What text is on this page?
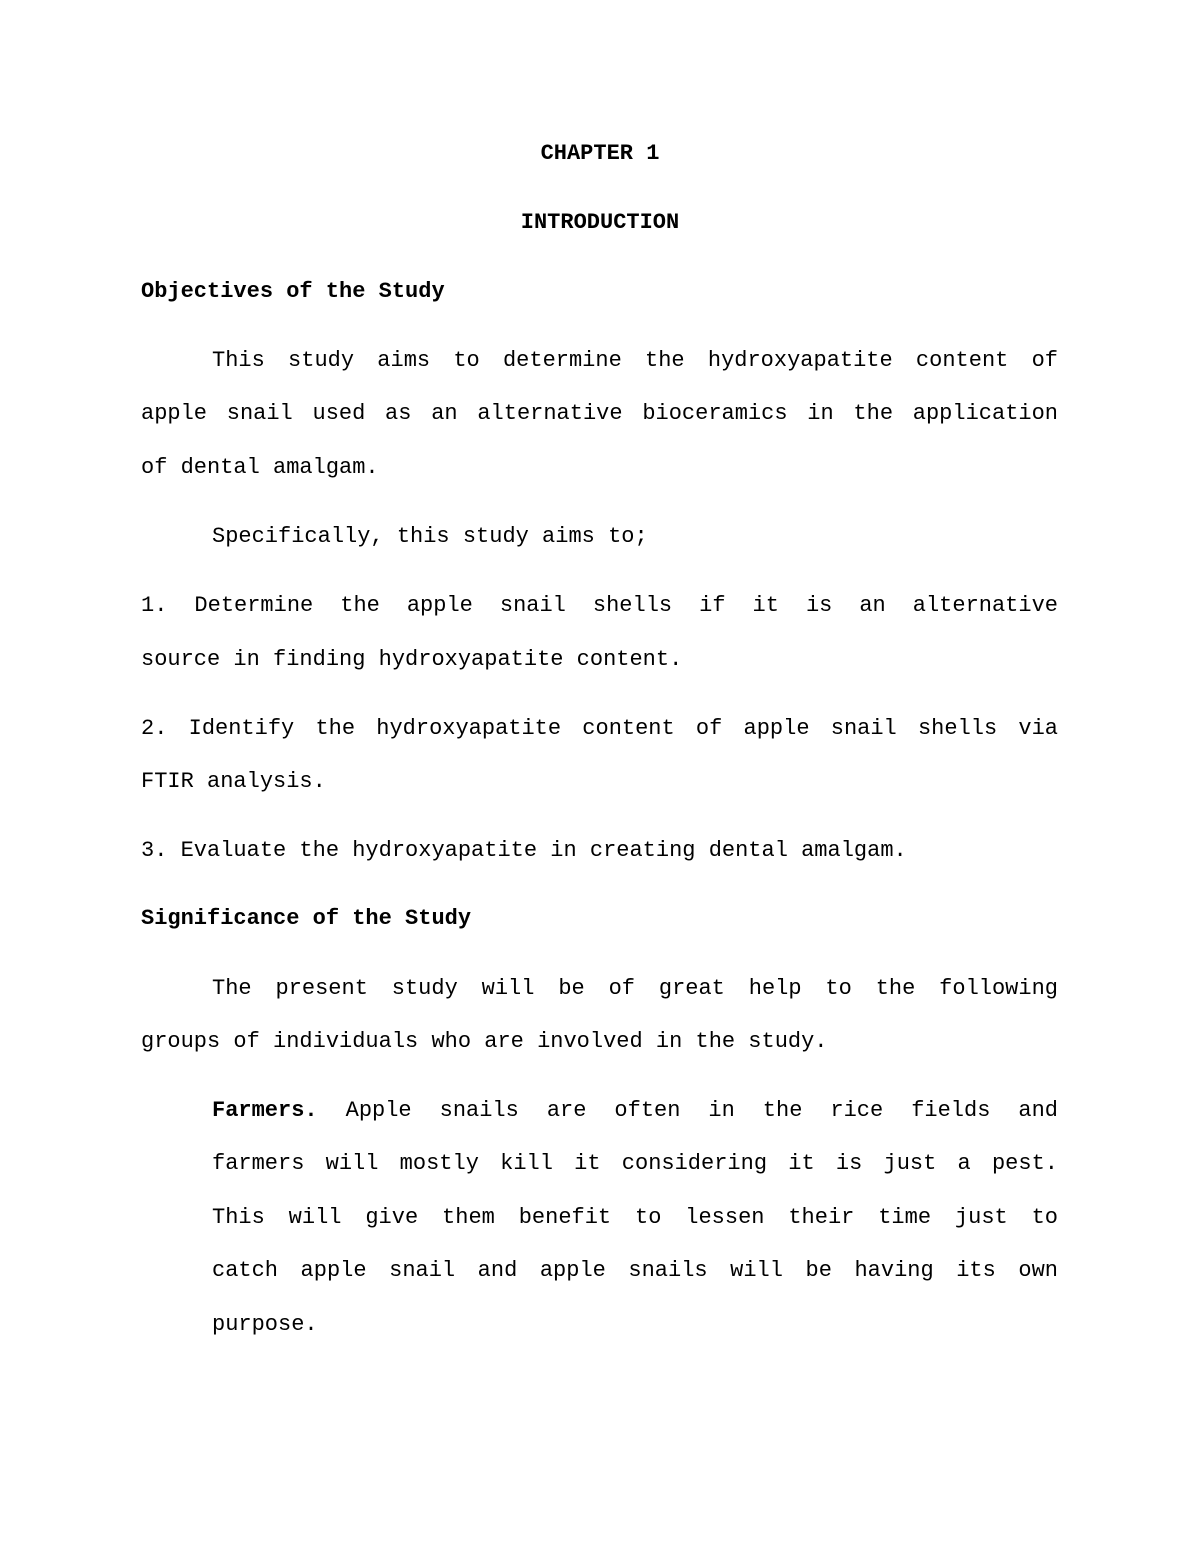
CHAPTER 1

INTRODUCTION

Objectives of the Study

This study aims to determine the hydroxyapatite content of

apple snail used as an alternative bioceramics in the application

of dental amalgam.

Specifically, this study aims to;

1. Determine the apple snail shells if it is an alternative

source in finding hydroxyapatite content.

2. Identify the hydroxyapatite content of apple snail shells via

FTIR analysis.

3. Evaluate the hydroxyapatite in creating dental amalgam.

Significance of the Study

The present study will be of great help to the following

groups of individuals who are involved in the study.

Farmers. Apple snails are often in the rice fields and

farmers will mostly kill it considering it is just a pest.

This will give them benefit to lessen their time just to

catch apple snail and apple snails will be having its own

purpose.
